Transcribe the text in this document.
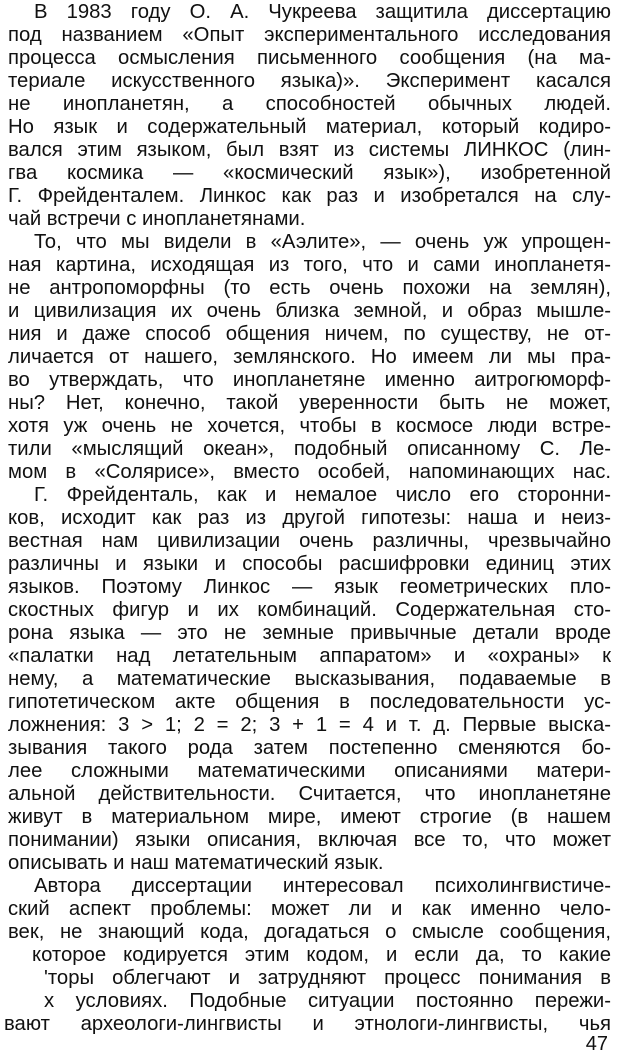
В 1983 году О. А. Чукреева защитила диссертацию
под названием «Опыт экспериментального исследования
процесса осмысления письменного сообщения (на ма-
териале искусственного языка)». Эксперимент касался
не инопланетян, а способностей обычных людей.
Но язык и содержательный материал, который кодиро-
вался этим языком, был взят из системы ЛИНКОС (лин-
гва космика — «космический язык»), изобретенной
Г. Фрейденталем. Линкос как раз и изобретался на слу-
чай встречи с инопланетянами.
То, что мы видели в «Аэлите», — очень уж упрощен-
ная картина, исходящая из того, что и сами инопланетя-
не антропоморфны (то есть очень похожи на землян),
и цивилизация их очень близка земной, и образ мышле-
ния и даже способ общения ничем, по существу, не от-
личается от нашего, землянского. Но имеем ли мы пра-
во утверждать, что инопланетяне именно аитрогюморф-
ны? Нет, конечно, такой уверенности быть не может,
хотя уж очень не хочется, чтобы в космосе люди встре-
тили «мыслящий океан», подобный описанному С. Ле-
мом в «Солярисе», вместо особей, напоминающих нас.
Г. Фрейденталь, как и немалое число его сторонни-
ков, исходит как раз из другой гипотезы: наша и неиз-
вестная нам цивилизации очень различны, чрезвычайно
различны и языки и способы расшифровки единиц этих
языков. Поэтому Линкос — язык геометрических пло-
скостных фигур и их комбинаций. Содержательная сто-
рона языка — это не земные привычные детали вроде
«палатки над летательным аппаратом» и «охраны» к
нему, а математические высказывания, подаваемые в
гипотетическом акте общения в последовательности ус-
ложнения: 3 > 1; 2 = 2; 3 + 1 = 4 и т. д. Первые выска-
зывания такого рода затем постепенно сменяются бо-
лее сложными математическими описаниями матери-
альной действительности. Считается, что инопланетяне
живут в материальном мире, имеют строгие (в нашем
понимании) языки описания, включая все то, что может
описывать и наш математический язык.
Автора диссертации интересовал психолингвистиче-
ский аспект проблемы: может ли и как именно чело-
век, не знающий кода, догадаться о смысле сообщения,
которое кодируется этим кодом, и если да, то какие
'торы облегчают и затрудняют процесс понимания в
х условиях. Подобные ситуации постоянно пережи-
вают археологи-лингвисты и этнологи-лингвисты, чья
47
